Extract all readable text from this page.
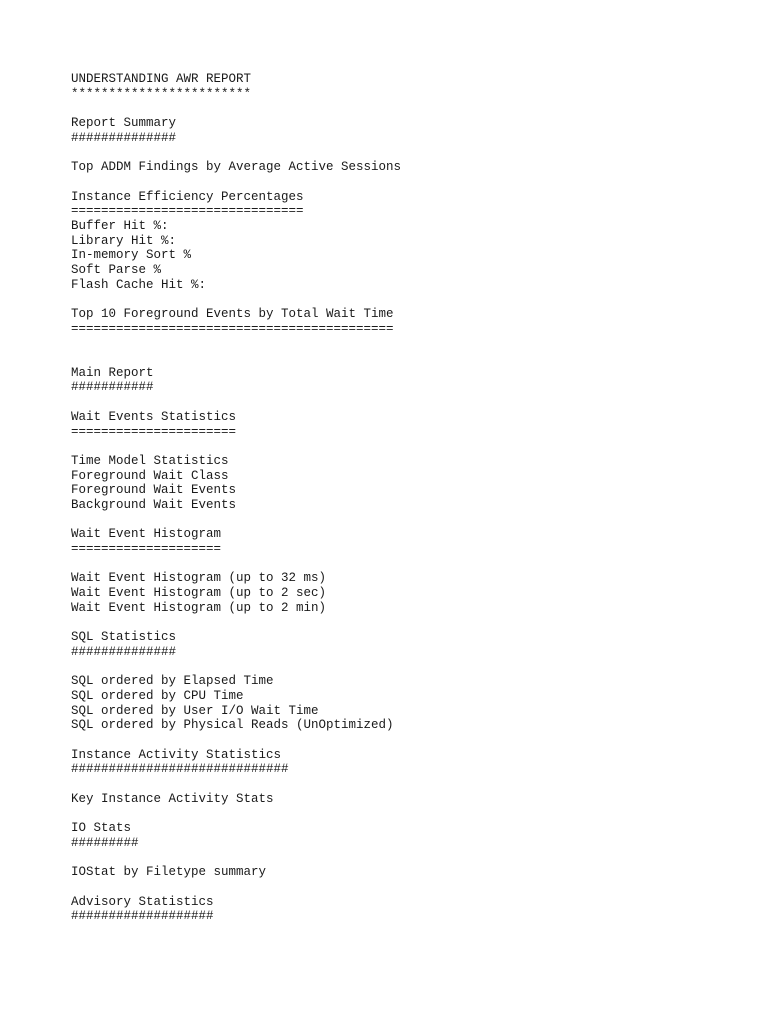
UNDERSTANDING AWR REPORT
************************
Report Summary
##############
Top ADDM Findings by Average Active Sessions
Instance Efficiency Percentages
===============================
Buffer Hit %:
Library Hit %:
In-memory Sort %
Soft Parse %
Flash Cache Hit %:
Top 10 Foreground Events by Total Wait Time
===========================================
Main Report
###########
Wait Events Statistics
======================
Time Model Statistics
Foreground Wait Class
Foreground Wait Events
Background Wait Events
Wait Event Histogram
====================
Wait Event Histogram (up to 32 ms)
Wait Event Histogram (up to 2 sec)
Wait Event Histogram (up to 2 min)
SQL Statistics
##############
SQL ordered by Elapsed Time
SQL ordered by CPU Time
SQL ordered by User I/O Wait Time
SQL ordered by Physical Reads (UnOptimized)
Instance Activity Statistics
#############################
Key Instance Activity Stats
IO Stats
#########
IOStat by Filetype summary
Advisory Statistics
###################
